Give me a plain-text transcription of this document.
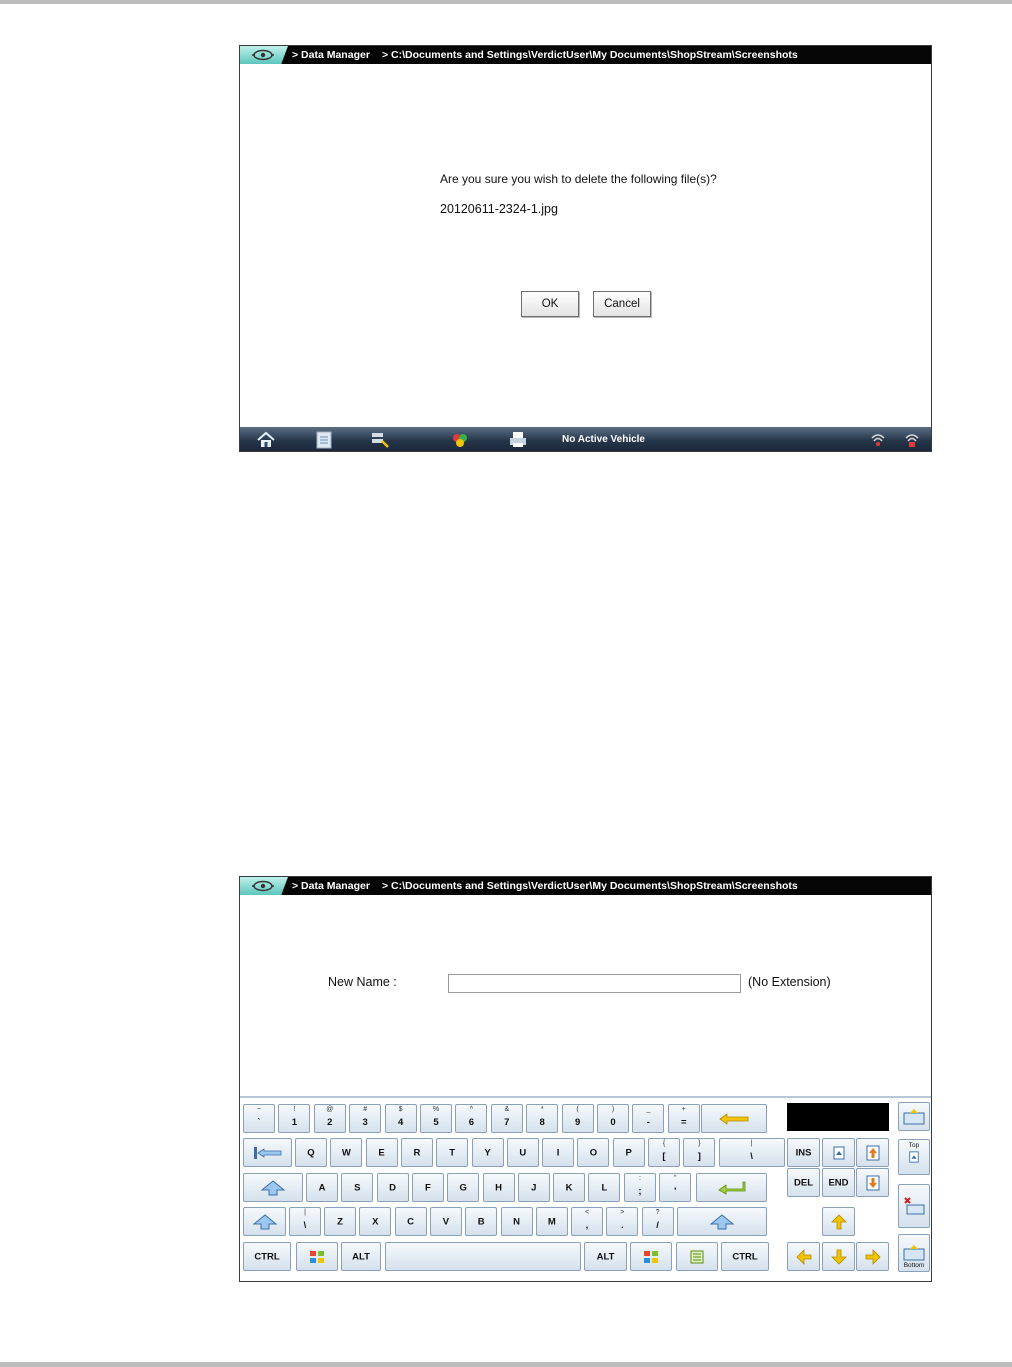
> Data Manager > C:\Documents and Settings\VerdictUser\My Documents\ShopStream\Screenshots
Are you sure you wish to delete the following file(s)?
20120611-2324-1.jpg
OK	Cancel
No Active Vehicle
> Data Manager > C:\Documents and Settings\VerdictUser\My Documents\ShopStream\Screenshots
New Name :	(No Extension)
~
`
!
1
@
2
#
3
$
4
%
5
^
6
&
7
*
8
(
9
)
0
_
-
+
=
Q	W	E	R	T	Y	U	I	O	P
{
[
}
]
|
\
A	S	D	F	G	H	J	K	L
:
;
"
'
|
\	Z	X	C	V	B	N	M
<
,
>
.
?
/
CTRL	ALT	ALT	CTRL
INS
DEL	END
Top
Bottom
